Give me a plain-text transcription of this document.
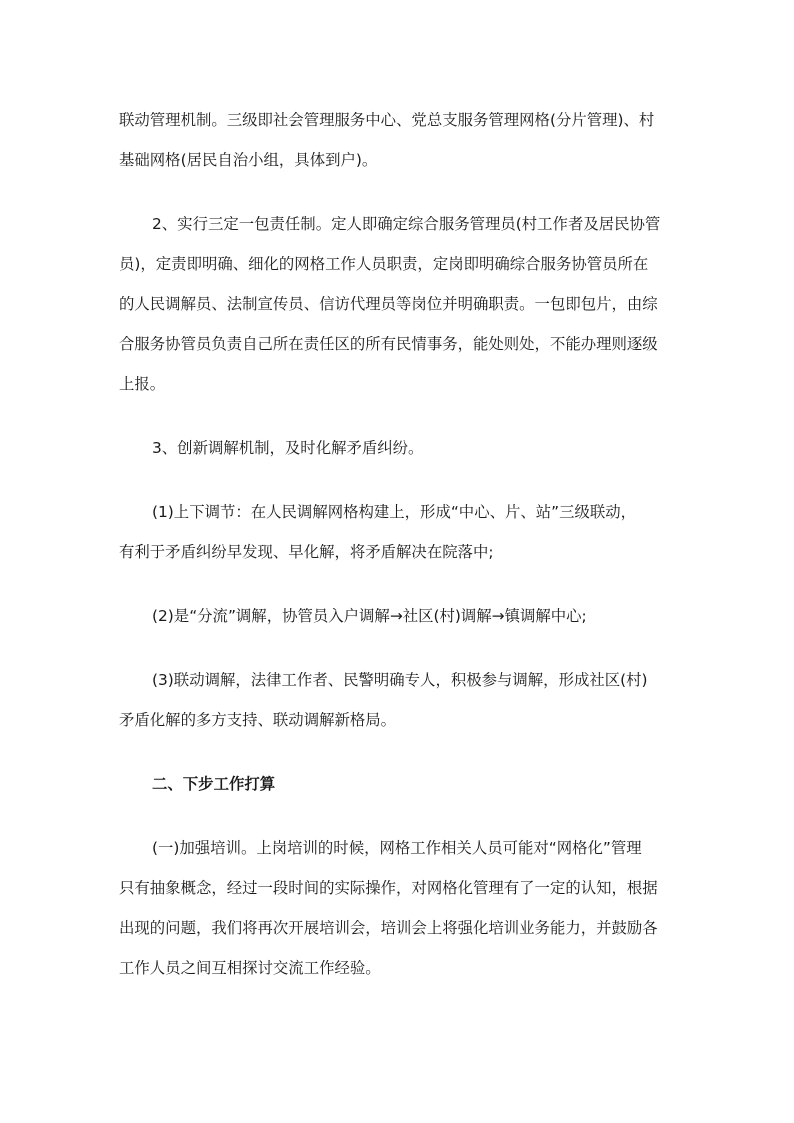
联动管理机制。三级即社会管理服务中心、党总支服务管理网格(分片管理)、村
基础网格(居民自治小组，具体到户)。
2、实行三定一包责任制。定人即确定综合服务管理员(村工作者及居民协管
员)，定责即明确、细化的网格工作人员职责，定岗即明确综合服务协管员所在
的人民调解员、法制宣传员、信访代理员等岗位并明确职责。一包即包片，由综
合服务协管员负责自己所在责任区的所有民情事务，能处则处，不能办理则逐级
上报。
3、创新调解机制，及时化解矛盾纠纷。
(1)上下调节：在人民调解网格构建上，形成“中心、片、站”三级联动，
有利于矛盾纠纷早发现、早化解，将矛盾解决在院落中;
(2)是“分流”调解，协管员入户调解→社区(村)调解→镇调解中心;
(3)联动调解，法律工作者、民警明确专人，积极参与调解，形成社区(村)
矛盾化解的多方支持、联动调解新格局。
二、下步工作打算
(一)加强培训。上岗培训的时候，网格工作相关人员可能对“网格化”管理
只有抽象概念，经过一段时间的实际操作，对网格化管理有了一定的认知，根据
出现的问题，我们将再次开展培训会，培训会上将强化培训业务能力，并鼓励各
工作人员之间互相探讨交流工作经验。
